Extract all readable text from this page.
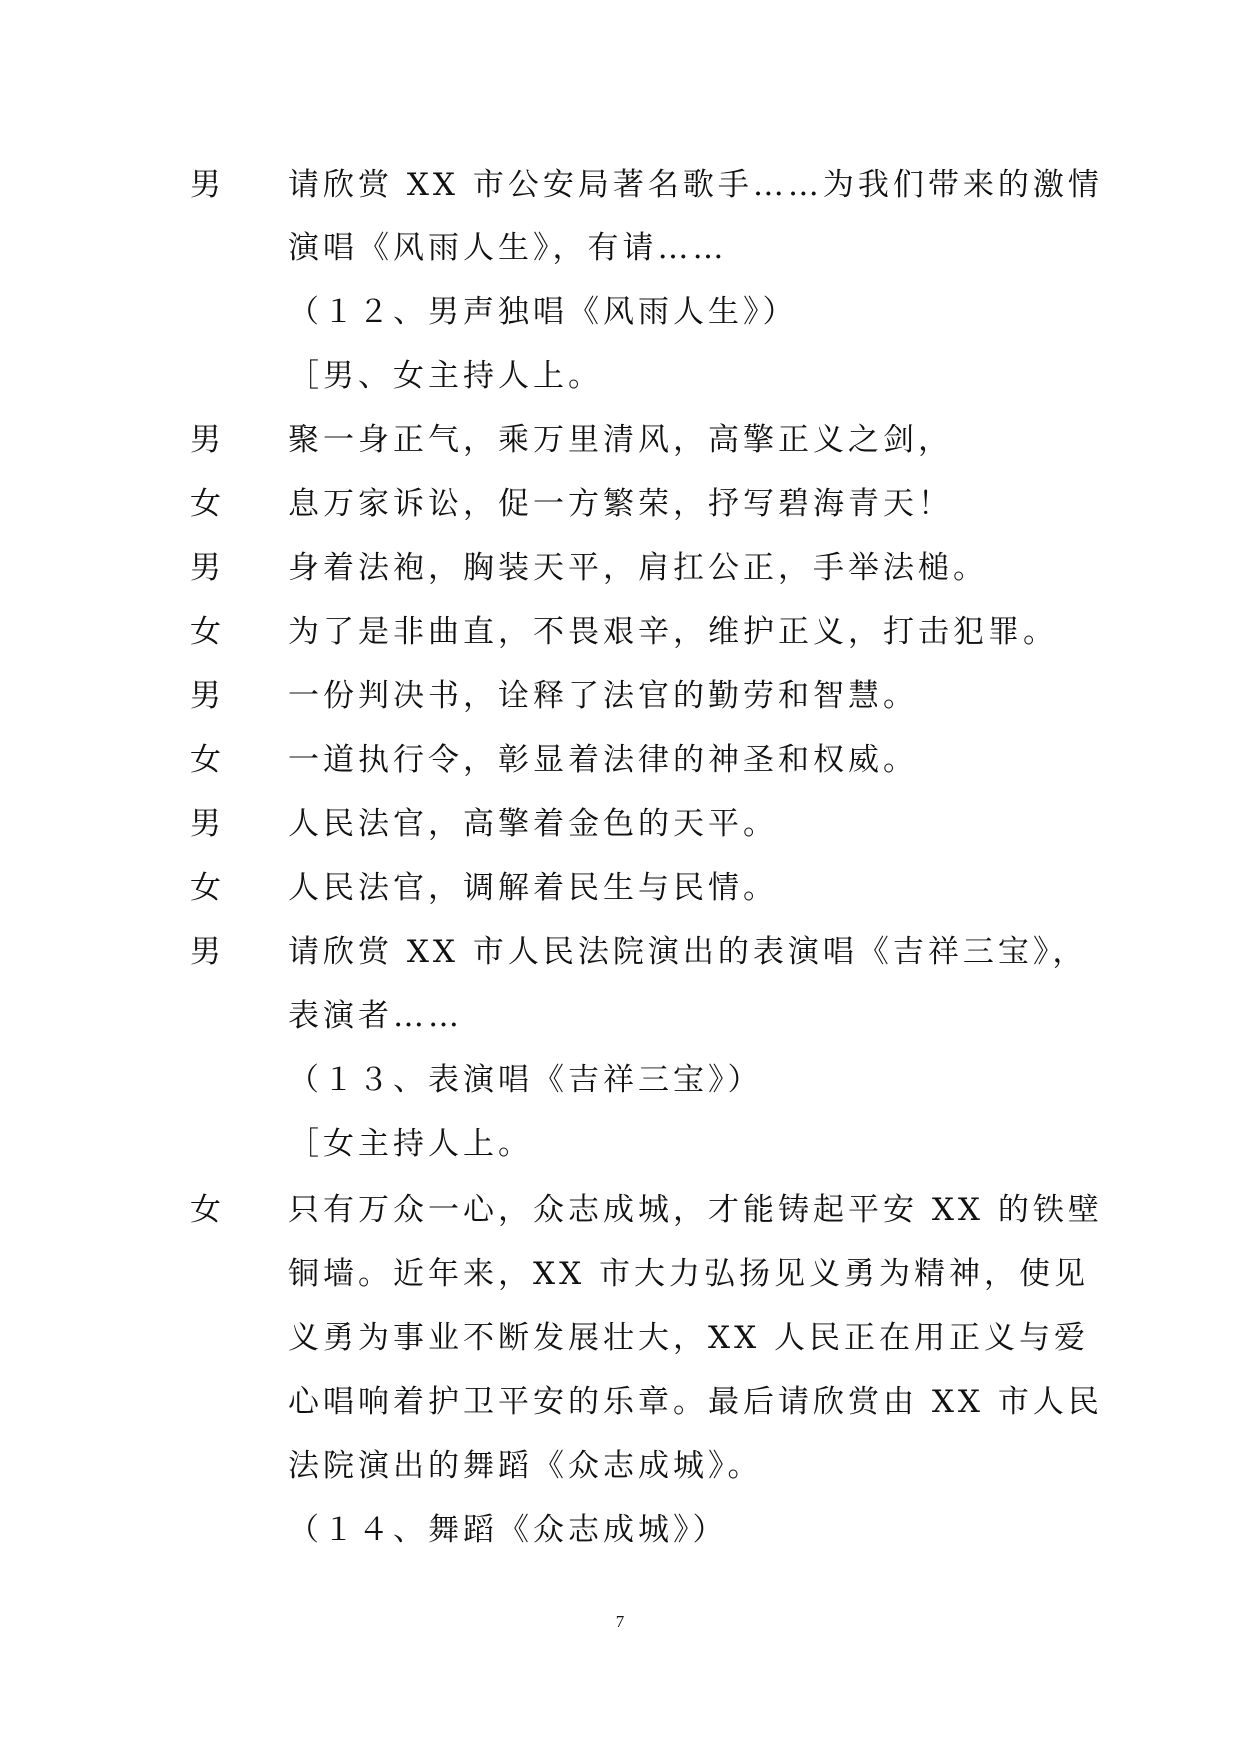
男 请欣赏 XX 市公安局著名歌手……为我们带来的激情
演唱《风雨人生》，有请……
（１２、男声独唱《风雨人生》）
［男、女主持人上。
男 聚一身正气，乘万里清风，高擎正义之剑，
女 息万家诉讼，促一方繁荣，抒写碧海青天！
男 身着法袍，胸装天平，肩扛公正，手举法槌。
女 为了是非曲直，不畏艰辛，维护正义，打击犯罪。
男 一份判决书，诠释了法官的勤劳和智慧。
女 一道执行令，彰显着法律的神圣和权威。
男 人民法官，高擎着金色的天平。
女 人民法官，调解着民生与民情。
男 请欣赏 XX 市人民法院演出的表演唱《吉祥三宝》，
表演者……
（１３、表演唱《吉祥三宝》）
［女主持人上。
女 只有万众一心，众志成城，才能铸起平安 XX 的铁壁
铜墙。近年来，XX 市大力弘扬见义勇为精神，使见
义勇为事业不断发展壮大，XX 人民正在用正义与爱
心唱响着护卫平安的乐章。最后请欣赏由 XX 市人民
法院演出的舞蹈《众志成城》。
（１４、舞蹈《众志成城》）
7
